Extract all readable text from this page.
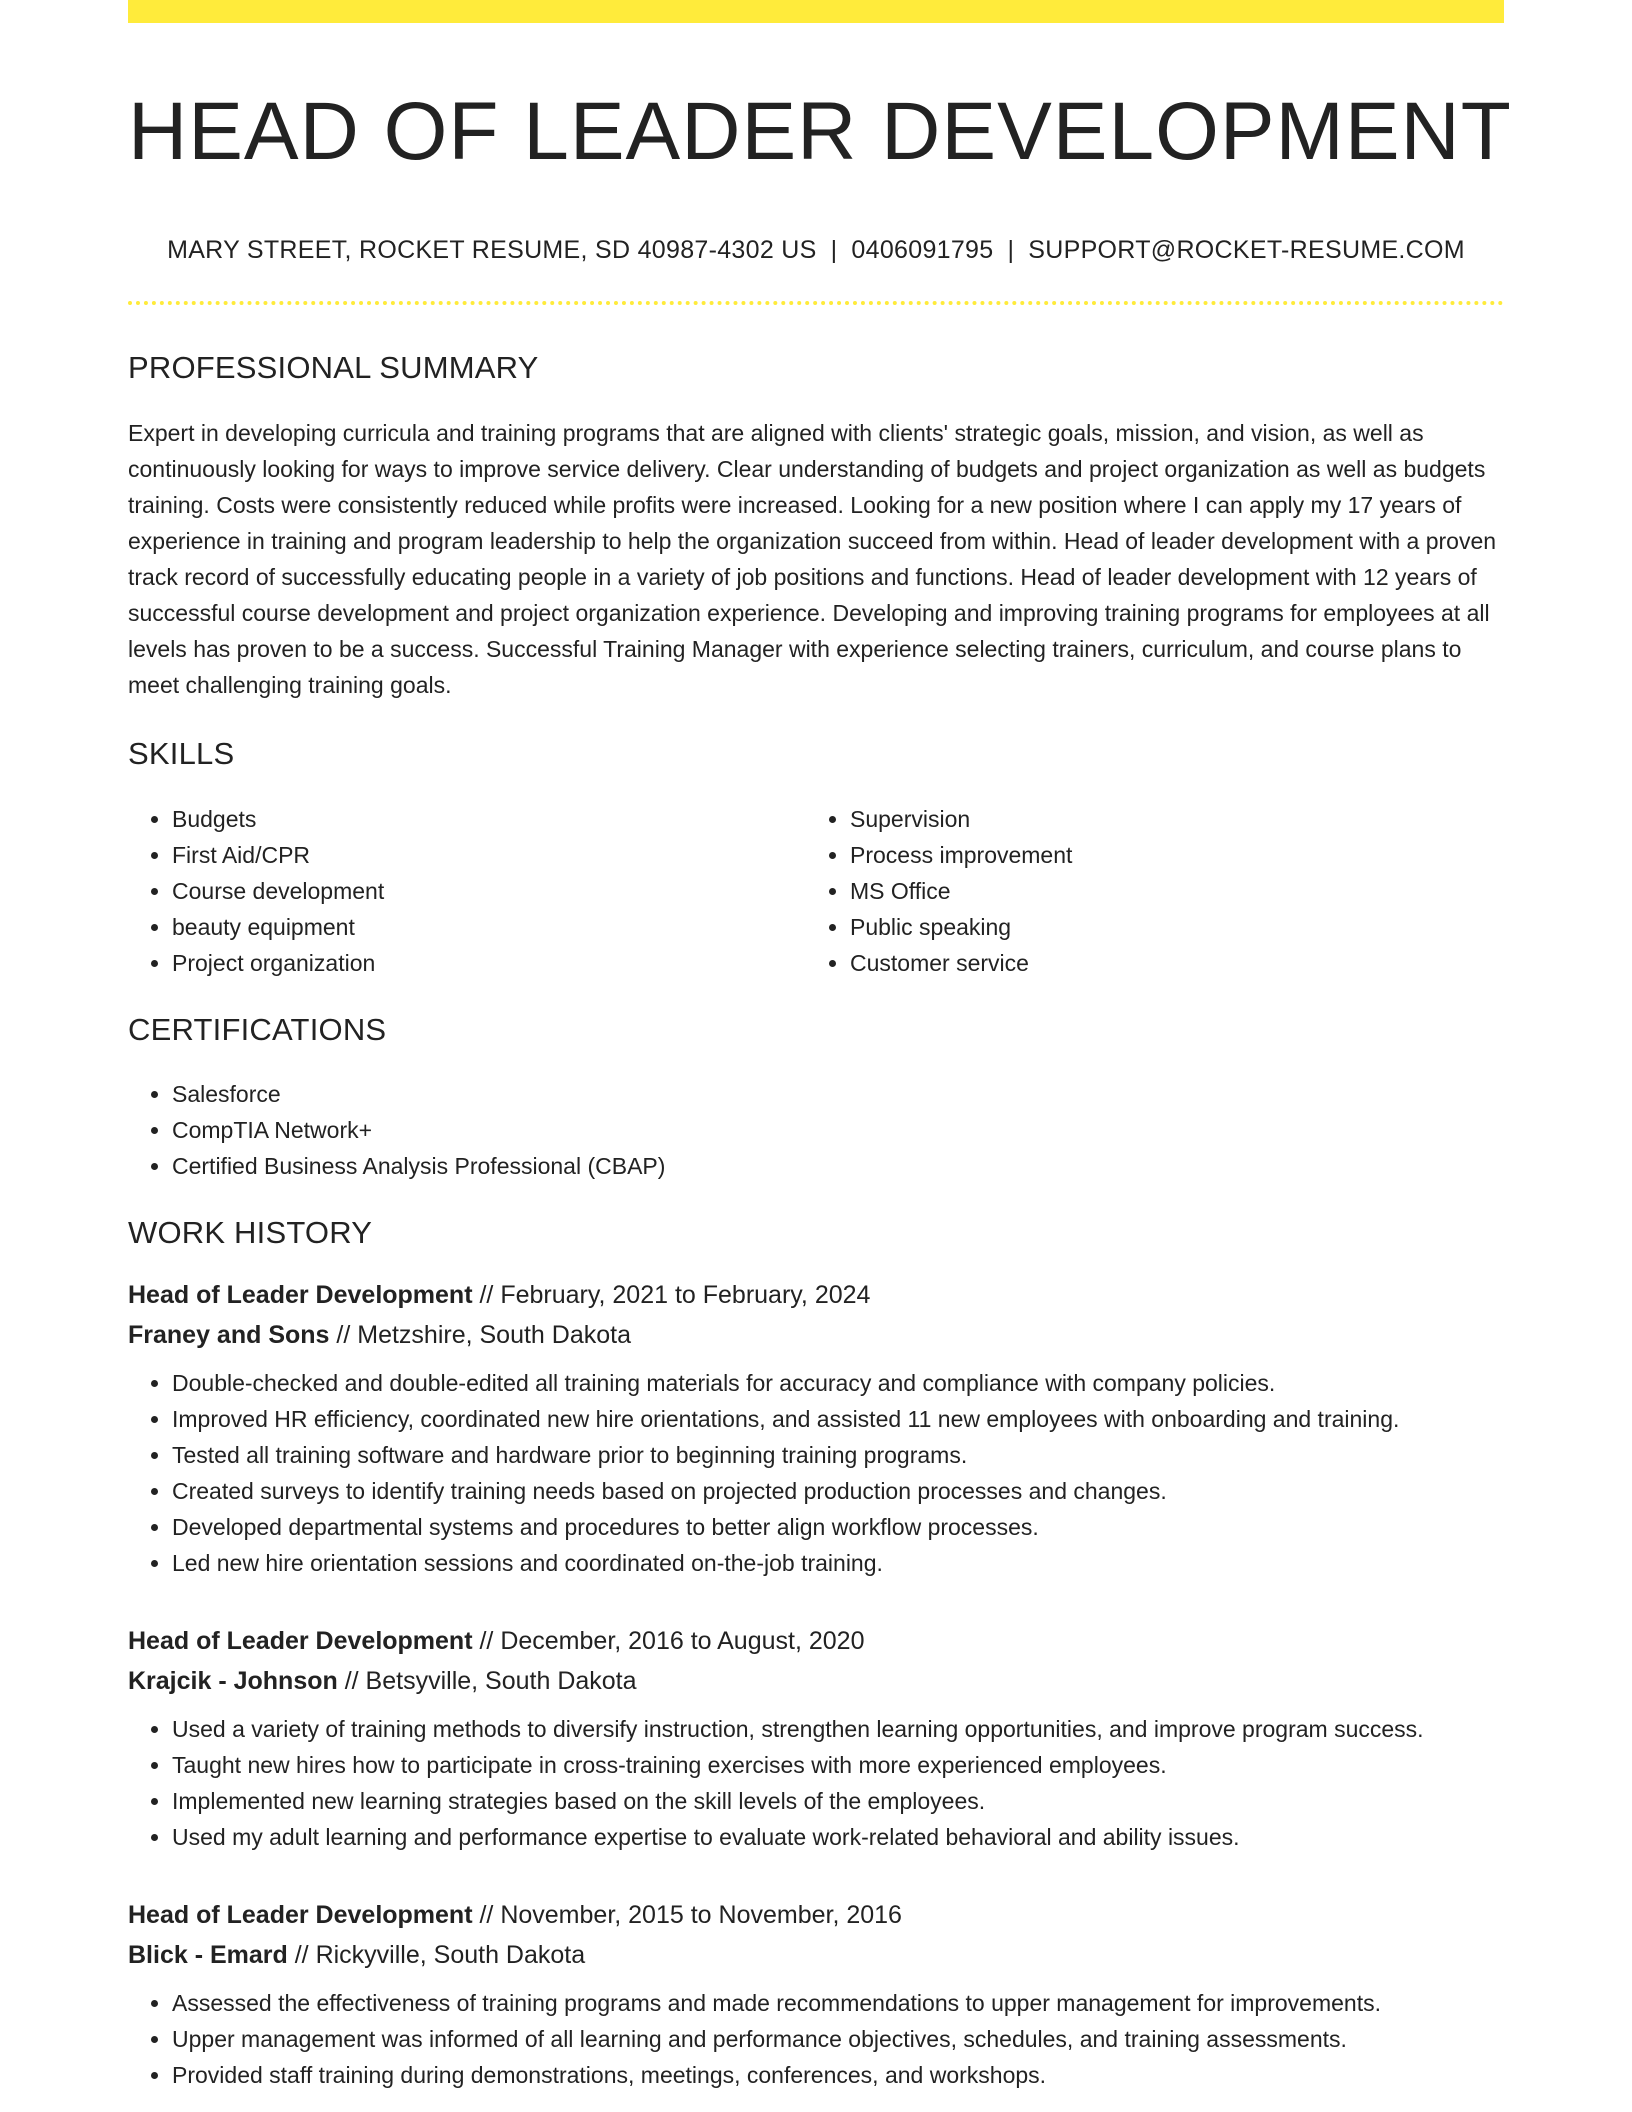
HEAD OF LEADER DEVELOPMENT
MARY STREET, ROCKET RESUME, SD 40987-4302 US | 0406091795 | SUPPORT@ROCKET-RESUME.COM
PROFESSIONAL SUMMARY

Expert in developing curricula and training programs that are aligned with clients' strategic goals, mission, and vision, as well as continuously looking for ways to improve service delivery. Clear understanding of budgets and project organization as well as budgets training. Costs were consistently reduced while profits were increased. Looking for a new position where I can apply my 17 years of experience in training and program leadership to help the organization succeed from within. Head of leader development with a proven track record of successfully educating people in a variety of job positions and functions. Head of leader development with 12 years of successful course development and project organization experience. Developing and improving training programs for employees at all levels has proven to be a success. Successful Training Manager with experience selecting trainers, curriculum, and course plans to meet challenging training goals.

SKILLS
• Budgets
• First Aid/CPR
• Course development
• beauty equipment
• Project organization
• Supervision
• Process improvement
• MS Office
• Public speaking
• Customer service
CERTIFICATIONS
• Salesforce
• CompTIA Network+
• Certified Business Analysis Professional (CBAP)
WORK HISTORY
Head of Leader Development // February, 2021 to February, 2024
Franey and Sons // Metzshire, South Dakota
• Double-checked and double-edited all training materials for accuracy and compliance with company policies.
• Improved HR efficiency, coordinated new hire orientations, and assisted 11 new employees with onboarding and training.
• Tested all training software and hardware prior to beginning training programs.
• Created surveys to identify training needs based on projected production processes and changes.
• Developed departmental systems and procedures to better align workflow processes.
• Led new hire orientation sessions and coordinated on-the-job training.
Head of Leader Development // December, 2016 to August, 2020
Krajcik - Johnson // Betsyville, South Dakota
• Used a variety of training methods to diversify instruction, strengthen learning opportunities, and improve program success.
• Taught new hires how to participate in cross-training exercises with more experienced employees.
• Implemented new learning strategies based on the skill levels of the employees.
• Used my adult learning and performance expertise to evaluate work-related behavioral and ability issues.
Head of Leader Development // November, 2015 to November, 2016
Blick - Emard // Rickyville, South Dakota
• Assessed the effectiveness of training programs and made recommendations to upper management for improvements.
• Upper management was informed of all learning and performance objectives, schedules, and training assessments.
• Provided staff training during demonstrations, meetings, conferences, and workshops.
